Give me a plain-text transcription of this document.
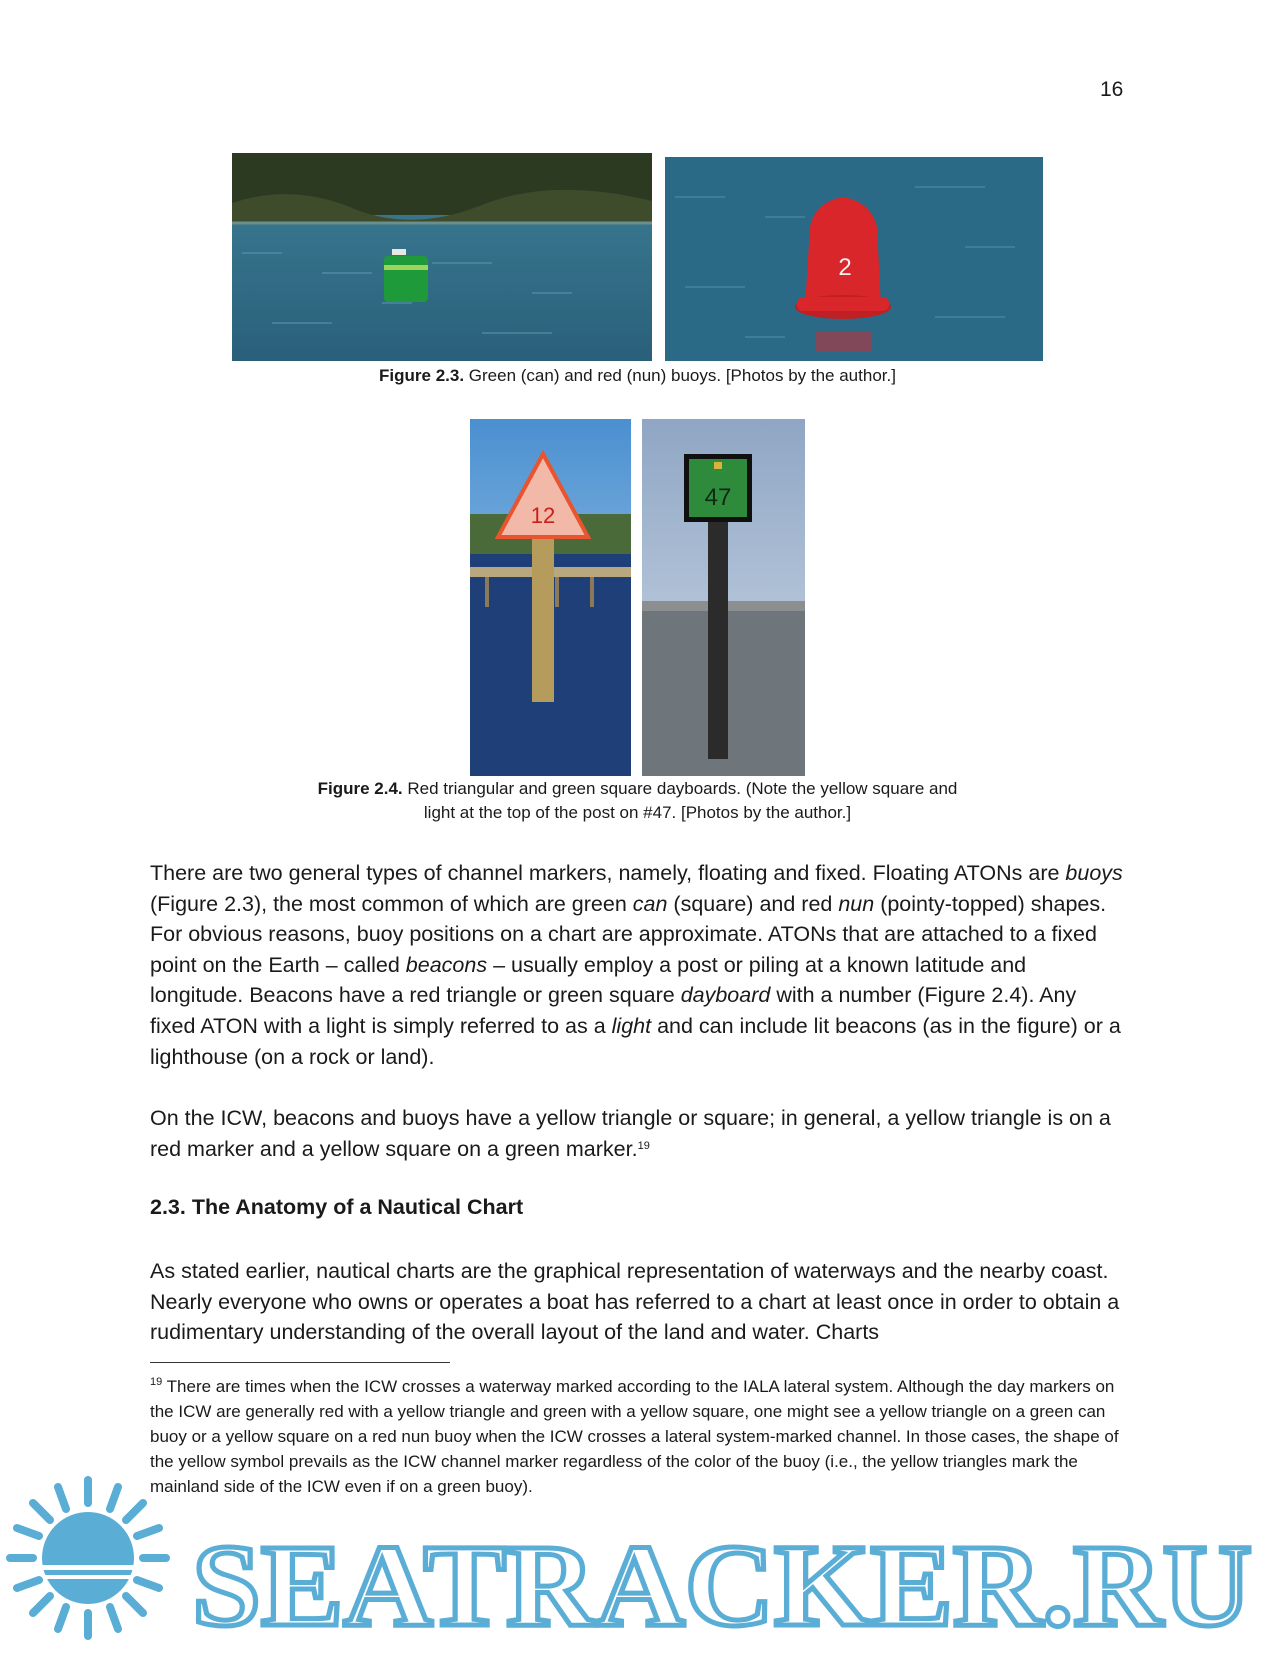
16
2
Figure 2.3. Green (can) and red (nun) buoys. [Photos by the author.]
12
47
Figure 2.4. Red triangular and green square dayboards. (Note the yellow square and
light at the top of the post on #47. [Photos by the author.]

There are two general types of channel markers, namely, floating and fixed. Floating ATONs are buoys (Figure 2.3), the most common of which are green can (square) and red nun (pointy-topped) shapes. For obvious reasons, buoy positions on a chart are approximate. ATONs that are attached to a fixed point on the Earth – called beacons – usually employ a post or piling at a known latitude and longitude. Beacons have a red triangle or green square dayboard with a number (Figure 2.4). Any fixed ATON with a light is simply referred to as a light and can include lit beacons (as in the figure) or a lighthouse (on a rock or land).

On the ICW, beacons and buoys have a yellow triangle or square; in general, a yellow triangle is on a red marker and a yellow square on a green marker.$^{19}$

2.3. The Anatomy of a Nautical Chart

As stated earlier, nautical charts are the graphical representation of waterways and the nearby coast. Nearly everyone who owns or operates a boat has referred to a chart at least once in order to obtain a rudimentary understanding of the overall layout of the land and water. Charts

$^{19}$ There are times when the ICW crosses a waterway marked according to the IALA lateral system. Although the day markers on the ICW are generally red with a yellow triangle and green with a yellow square, one might see a yellow triangle on a green can buoy or a yellow square on a red nun buoy when the ICW crosses a lateral system-marked channel. In those cases, the shape of the yellow symbol prevails as the ICW channel marker regardless of the color of the buoy (i.e., the yellow triangles mark the mainland side of the ICW even if on a green buoy).
SEATRACKER.RU
